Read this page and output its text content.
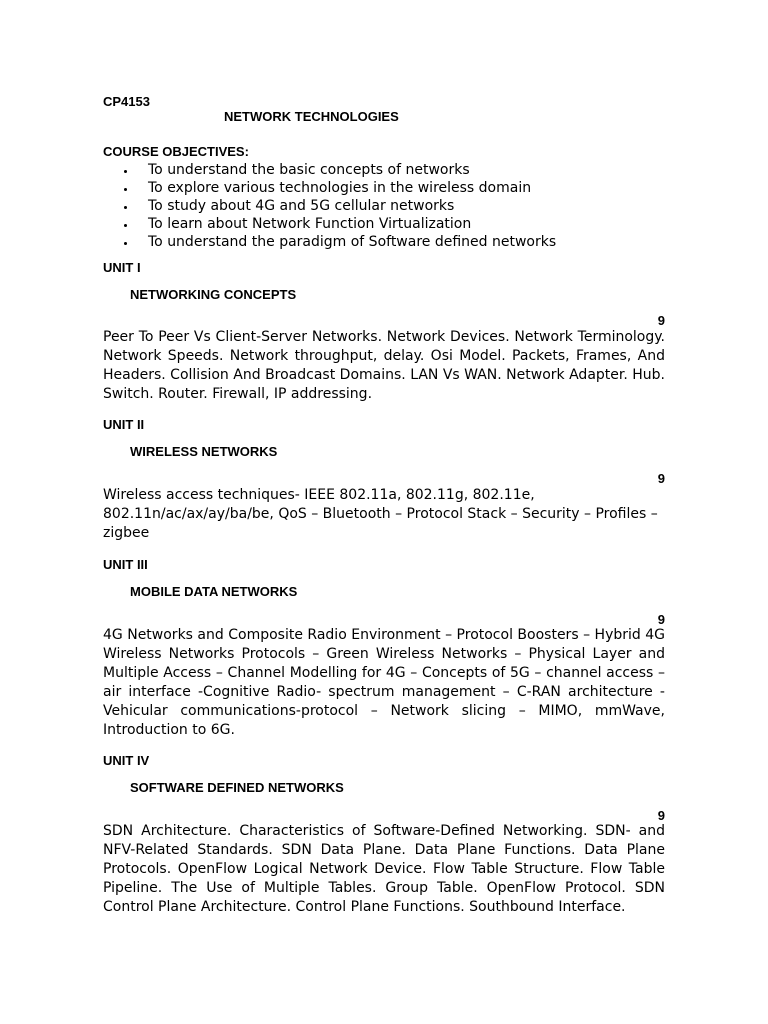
CP4153
NETWORK TECHNOLOGIES
COURSE OBJECTIVES:
To understand the basic concepts of networks
To explore various technologies in the wireless domain
To study about 4G and 5G cellular networks
To learn about Network Function Virtualization
To understand the paradigm of Software defined networks
UNIT I
NETWORKING CONCEPTS
9
Peer To Peer Vs Client-Server Networks. Network Devices. Network Terminology. Network Speeds. Network throughput, delay. Osi Model. Packets, Frames, And Headers. Collision And Broadcast Domains. LAN Vs WAN. Network Adapter. Hub. Switch. Router. Firewall, IP addressing.
UNIT II
WIRELESS NETWORKS
9
Wireless access techniques- IEEE 802.11a, 802.11g, 802.11e, 802.11n/ac/ax/ay/ba/be, QoS – Bluetooth – Protocol Stack – Security – Profiles – zigbee
UNIT III
MOBILE DATA NETWORKS
9
4G Networks and Composite Radio Environment – Protocol Boosters – Hybrid 4G Wireless Networks Protocols – Green Wireless Networks – Physical Layer and Multiple Access – Channel Modelling for 4G – Concepts of 5G – channel access – air interface -Cognitive Radio- spectrum management – C-RAN architecture - Vehicular communications-protocol – Network slicing – MIMO, mmWave, Introduction to 6G.
UNIT IV
SOFTWARE DEFINED NETWORKS
9
SDN Architecture. Characteristics of Software-Defined Networking. SDN- and NFV-Related Standards. SDN Data Plane. Data Plane Functions. Data Plane Protocols. OpenFlow Logical Network Device. Flow Table Structure. Flow Table Pipeline. The Use of Multiple Tables. Group Table. OpenFlow Protocol. SDN Control Plane Architecture. Control Plane Functions. Southbound Interface.
